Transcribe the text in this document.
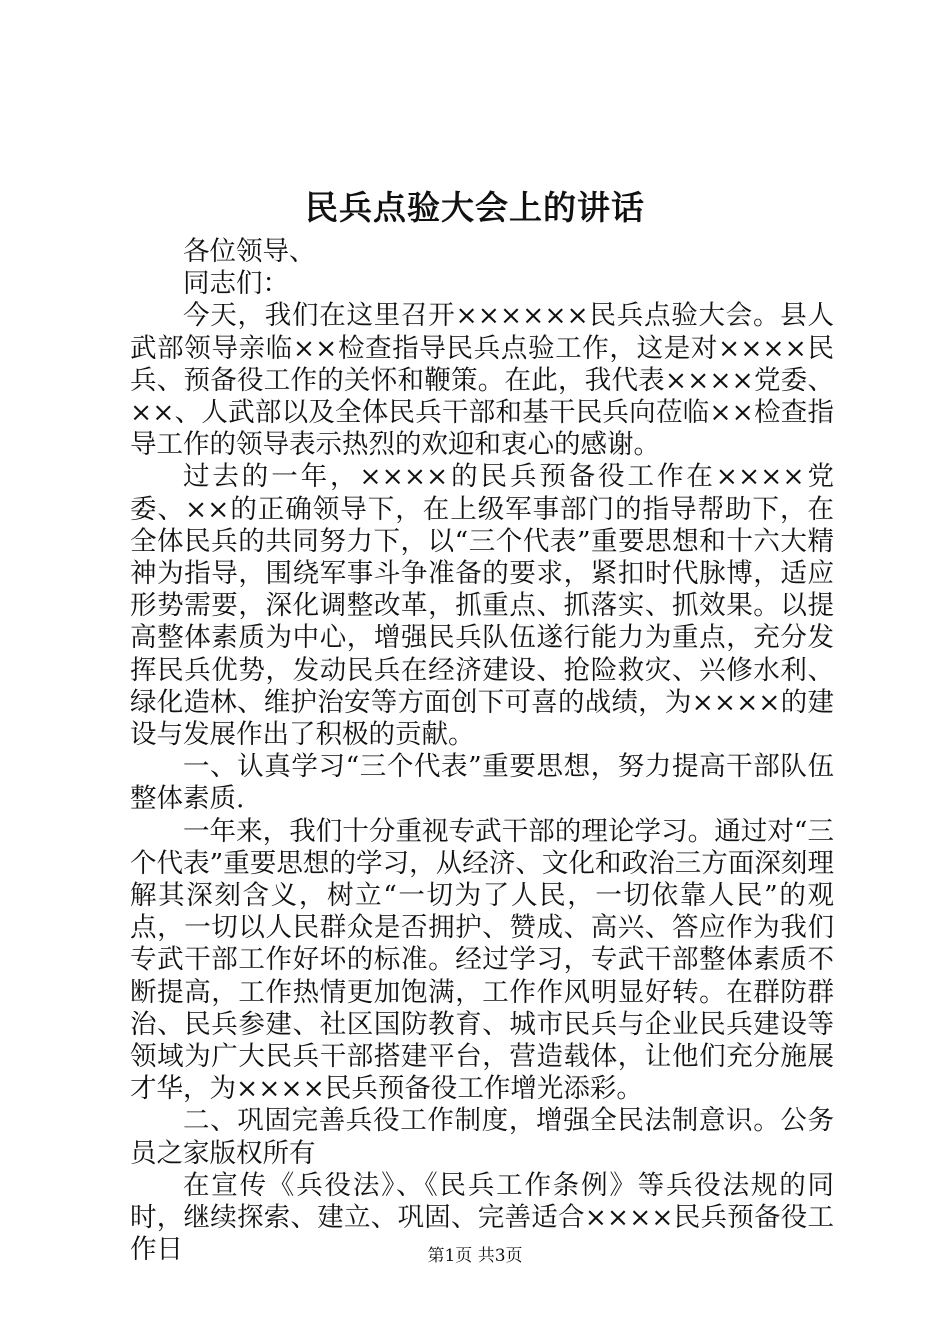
民兵点验大会上的讲话

各位领导、

同志们：

今天，我们在这里召开××××××民兵点验大会。县人武部领导亲临××检查指导民兵点验工作，这是对××××民兵、预备役工作的关怀和鞭策。在此，我代表××××党委、××、人武部以及全体民兵干部和基干民兵向莅临××检查指导工作的领导表示热烈的欢迎和衷心的感谢。

过去的一年，××××的民兵预备役工作在××××党委、××的正确领导下，在上级军事部门的指导帮助下，在全体民兵的共同努力下，以“三个代表”重要思想和十六大精神为指导，围绕军事斗争准备的要求，紧扣时代脉博，适应形势需要，深化调整改革，抓重点、抓落实、抓效果。以提高整体素质为中心，增强民兵队伍遂行能力为重点，充分发挥民兵优势，发动民兵在经济建设、抢险救灾、兴修水利、绿化造林、维护治安等方面创下可喜的战绩，为××××的建设与发展作出了积极的贡献。

一、认真学习“三个代表”重要思想，努力提高干部队伍整体素质.

一年来，我们十分重视专武干部的理论学习。通过对“三个代表”重要思想的学习，从经济、文化和政治三方面深刻理解其深刻含义，树立“一切为了人民，一切依靠人民”的观点，一切以人民群众是否拥护、赞成、高兴、答应作为我们专武干部工作好坏的标准。经过学习，专武干部整体素质不断提高，工作热情更加饱满，工作作风明显好转。在群防群治、民兵参建、社区国防教育、城市民兵与企业民兵建设等领域为广大民兵干部搭建平台，营造载体，让他们充分施展才华，为××××民兵预备役工作增光添彩。

二、巩固完善兵役工作制度，增强全民法制意识。公务员之家版权所有

在宣传《兵役法》、《民兵工作条例》等兵役法规的同时，继续探索、建立、巩固、完善适合××××民兵预备役工作日	第1页 共3页
